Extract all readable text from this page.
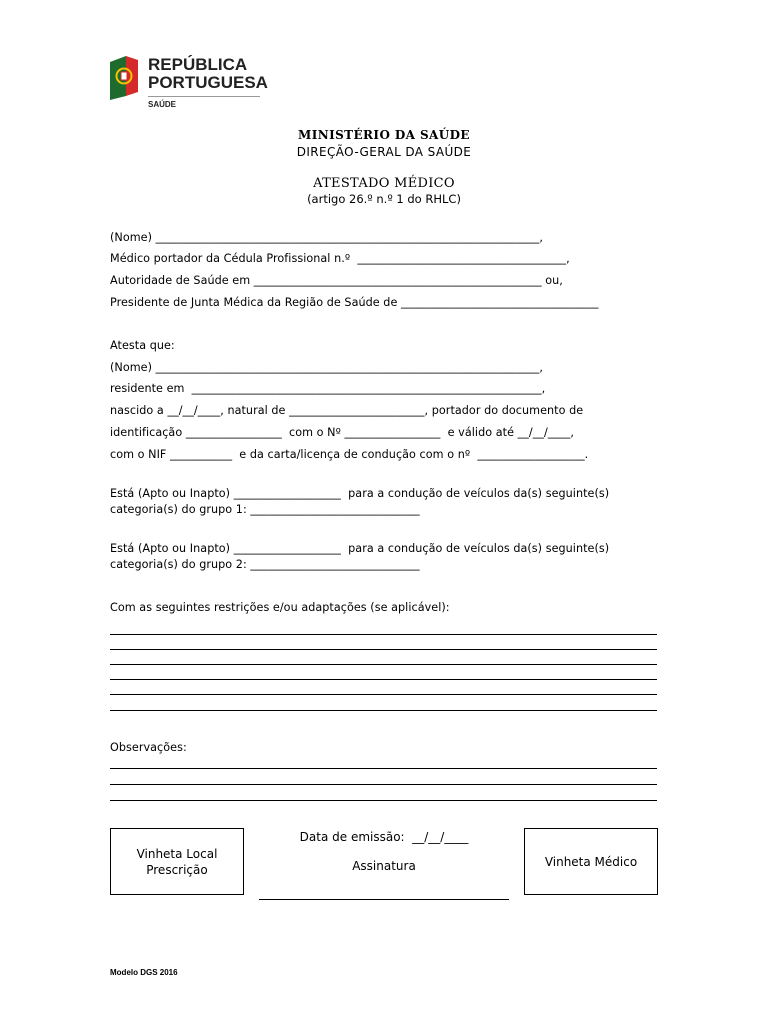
REPÚBLICA
PORTUGUESA
SAÚDE
MINISTÉRIO DA SAÚDE
DIREÇÃO-GERAL DA SAÚDE
ATESTADO MÉDICO
(artigo 26.º n.º 1 do RHLC)
(Nome) ____________________________________________________________________,
Médico portador da Cédula Profissional n.º  _____________________________________,
Autoridade de Saúde em ___________________________________________________ ou,
Presidente de Junta Médica da Região de Saúde de ___________________________________
Atesta que:
(Nome) ____________________________________________________________________,
residente em  ______________________________________________________________,
nascido a __/__/____, natural de ________________________, portador do documento de
identificação _________________  com o Nº _________________  e válido até __/__/____,
com o NIF ___________  e da carta/licença de condução com o nº  ___________________.
Está (Apto ou Inapto) ___________________  para a condução de veículos da(s) seguinte(s)
categoria(s) do grupo 1: ______________________________
Está (Apto ou Inapto) ___________________  para a condução de veículos da(s) seguinte(s)
categoria(s) do grupo 2: ______________________________
Com as seguintes restrições e/ou adaptações (se aplicável):
Observações:
Vinheta Local
Prescrição
Data de emissão:  __/__/____
Assinatura	Vinheta Médico
Modelo DGS 2016
